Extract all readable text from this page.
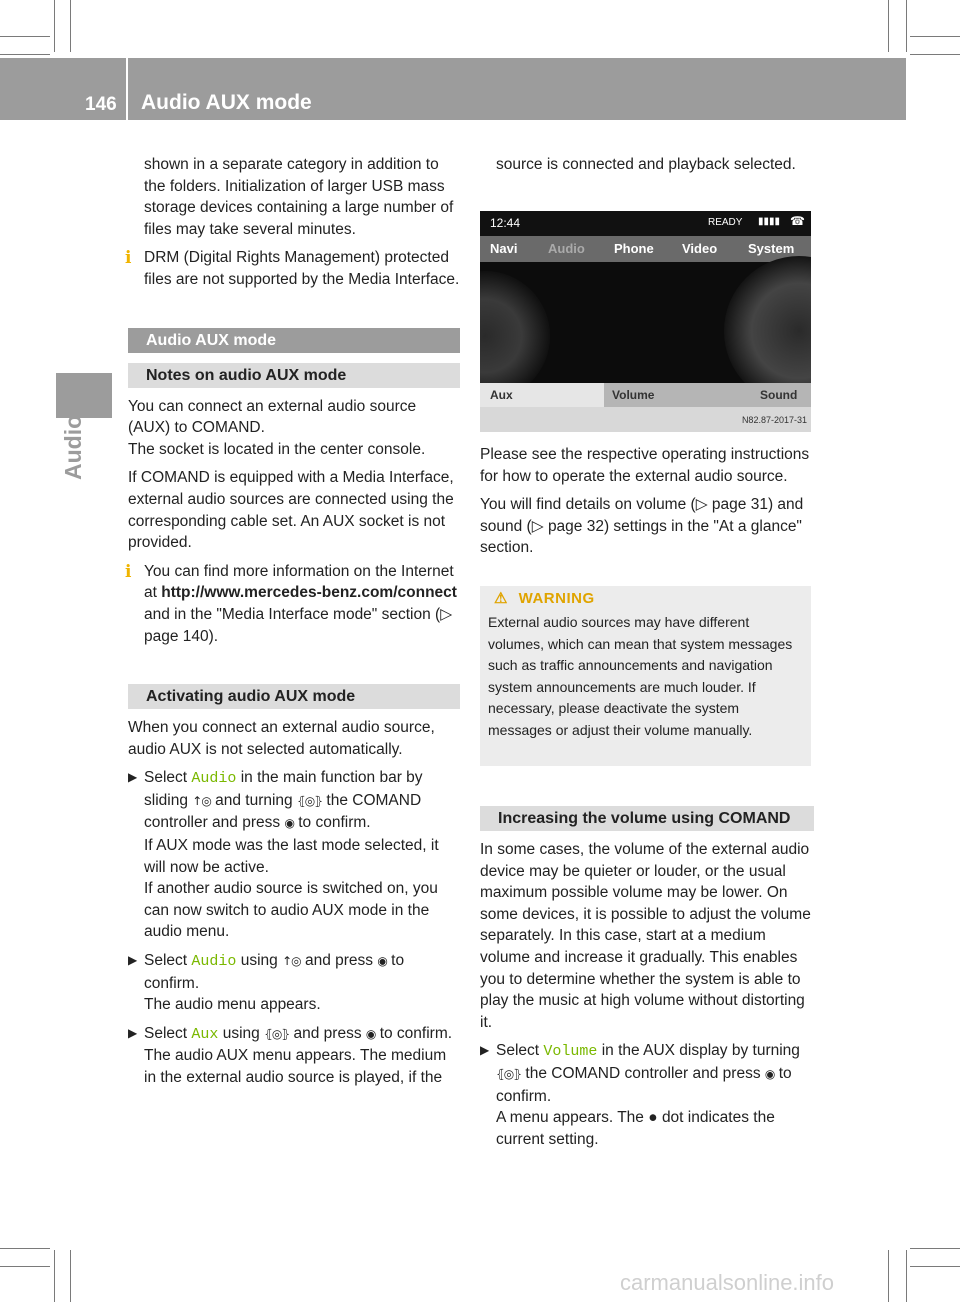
146 Audio AUX mode
Audio

shown in a separate category in addition to the folders. Initialization of larger USB mass storage devices containing a large number of files may take several minutes.

i DRM (Digital Rights Management) protected files are not supported by the Media Interface.

Audio AUX mode
Notes on audio AUX mode

You can connect an external audio source (AUX) to COMAND.

The socket is located in the center console.

If COMAND is equipped with a Media Interface, external audio sources are connected using the corresponding cable set. An AUX socket is not provided.

i You can find more information on the Internet at http://www.mercedes-benz.com/connect and in the "Media Interface mode" section (▷ page 140).

Activating audio AUX mode

When you connect an external audio source, audio AUX is not selected automatically.

▶ Select Audio in the main function bar by sliding ↑◎ and turning ⦃◎⦄ the COMAND controller and press ◉ to confirm.
If AUX mode was the last mode selected, it will now be active.
If another audio source is switched on, you can now switch to audio AUX mode in the audio menu.
▶ Select Audio using ↑◎ and press ◉ to confirm.
The audio menu appears.
▶ Select Aux using ⦃◎⦄ and press ◉ to confirm.
The audio AUX menu appears. The medium in the external audio source is played, if the

source is connected and playback selected.

12:44	READY ▮▮▮▮ ☎
Navi Audio Phone Video System
Aux	Volume	Sound
N82.87-2017-31

Please see the respective operating instructions for how to operate the external audio source.

You will find details on volume (▷ page 31) and sound (▷ page 32) settings in the "At a glance" section.

⚠ WARNING
External audio sources may have different volumes, which can mean that system messages such as traffic announcements and navigation system announcements are much louder. If necessary, please deactivate the system messages or adjust their volume manually.
Increasing the volume using COMAND

In some cases, the volume of the external audio device may be quieter or louder, or the usual maximum possible volume may be lower. On some devices, it is possible to adjust the volume separately. In this case, start at a medium volume and increase it gradually. This enables you to determine whether the system is able to play the music at high volume without distorting it.

▶ Select Volume in the AUX display by turning ⦃◎⦄ the COMAND controller and press ◉ to confirm.
A menu appears. The ● dot indicates the current setting.
carmanualsonline.info
